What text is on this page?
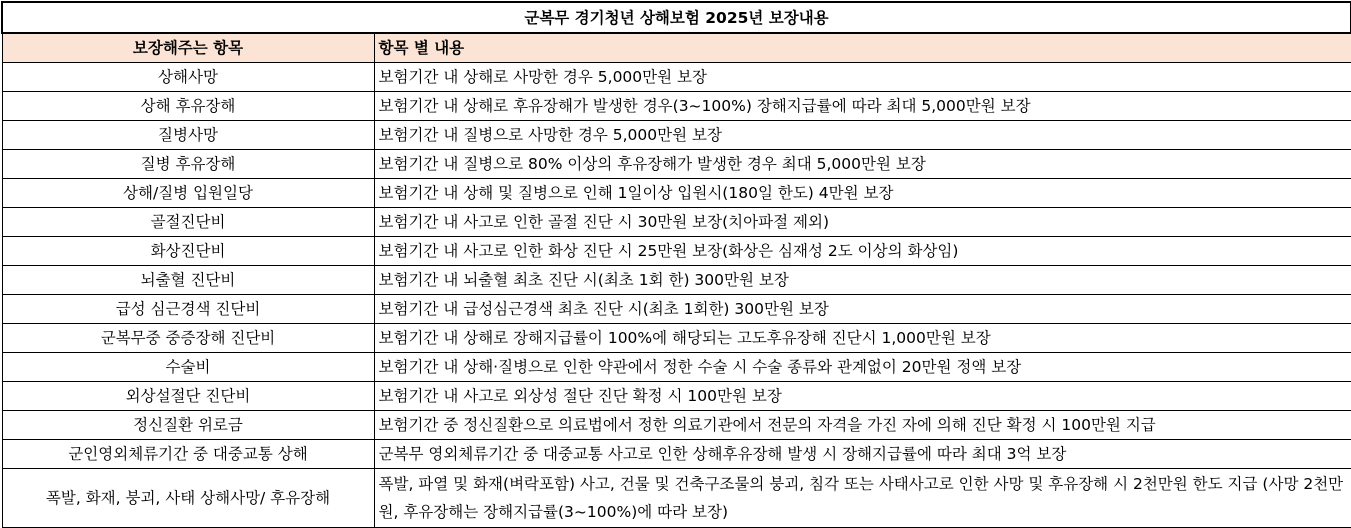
군복무 경기청년 상해보험 2025년 보장내용	
보장해주는 항목	항목 별 내용
상해사망	보험기간 내 상해로 사망한 경우 5,000만원 보장
상해 후유장해	보험기간 내 상해로 후유장해가 발생한 경우(3~100%) 장해지급률에 따라 최대 5,000만원 보장
질병사망	보험기간 내 질병으로 사망한 경우 5,000만원 보장
질병 후유장해	보험기간 내 질병으로 80% 이상의 후유장해가 발생한 경우 최대 5,000만원 보장
상해/질병 입원일당	보험기간 내 상해 및 질병으로 인해 1일이상 입원시(180일 한도) 4만원 보장
골절진단비	보험기간 내 사고로 인한 골절 진단 시 30만원 보장(치아파절 제외)
화상진단비	보험기간 내 사고로 인한 화상 진단 시 25만원 보장(화상은 심재성 2도 이상의 화상임)
뇌출혈 진단비	보험기간 내 뇌출혈 최초 진단 시(최초 1회 한) 300만원 보장
급성 심근경색 진단비	보험기간 내 급성심근경색 최초 진단 시(최초 1회한) 300만원 보장
군복무중 중증장해 진단비	보험기간 내 상해로 장해지급률이 100%에 해당되는 고도후유장해 진단시 1,000만원 보장
수술비	보험기간 내 상해·질병으로 인한 약관에서 정한 수술 시 수술 종류와 관계없이 20만원 정액 보장
외상설절단 진단비	보험기간 내 사고로 외상성 절단 진단 확정 시 100만원 보장
정신질환 위로금	보험기간 중 정신질환으로 의료법에서 정한 의료기관에서 전문의 자격을 가진 자에 의해 진단 확정 시 100만원 지급
군인영외체류기간 중 대중교통 상해	군복무 영외체류기간 중 대중교통 사고로 인한 상해후유장해 발생 시 장해지급률에 따라 최대 3억 보장
폭발, 화재, 붕괴, 사태 상해사망/ 후유장해	폭발, 파열 및 화재(벼락포함) 사고, 건물 및 건축구조물의 붕괴, 침각 또는 사태사고로 인한 사망 및 후유장해 시 2천만원 한도 지급 (사망 2천만원, 후유장해는 장해지급률(3~100%)에 따라 보장)
